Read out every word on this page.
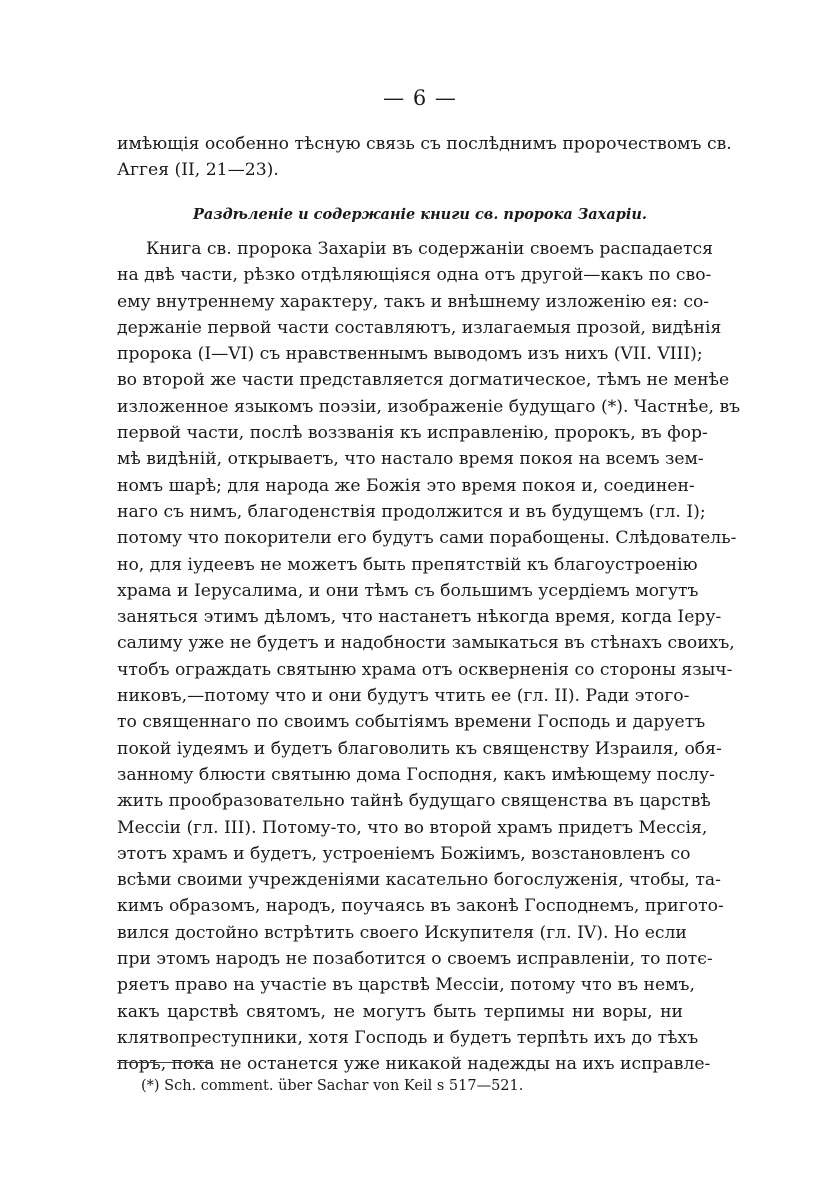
— 6 —
имѣющія особенно тѣсную связь съ послѣднимъ пророчествомъ св.
Аггея (II, 21—23).
Раздѣленіе и содержаніе книги св. пророка Захаріи.
Книга св. пророка Захаріи въ содержаніи своемъ распадается
на двѣ части, рѣзко отдѣляющіяся одна отъ другой—какъ по сво-
ему внутреннему характеру, такъ и внѣшнему изложенію ея: со-
держаніе первой части составляютъ, излагаемыя прозой, видѣнія
пророка (I—VI) съ нравственнымъ выводомъ изъ нихъ (VII. VIII);
во второй же части представляется догматическое, тѣмъ не менѣе
изложенное языкомъ поэзіи, изображеніе будущаго (*). Частнѣе, въ
первой части, послѣ воззванія къ исправленію, пророкъ, въ фор-
мѣ видѣній, открываетъ, что настало время покоя на всемъ зем-
номъ шарѣ; для народа же Божія это время покоя и, соединен-
наго съ нимъ, благоденствія продолжится и въ будущемъ (гл. I);
потому что покорители его будутъ сами порабощены. Слѣдователь-
но, для іудеевъ не можетъ быть препятствій къ благоустроенію
храма и Іерусалима, и они тѣмъ съ большимъ усердіемъ могутъ
заняться этимъ дѣломъ, что настанетъ нѣкогда время, когда Іеру-
салиму уже не будетъ и надобности замыкаться въ стѣнахъ своихъ,
чтобъ ограждать святыню храма отъ оскверненія со стороны языч-
никовъ,—потому что и они будутъ чтить ее (гл. II). Ради этого-
то священнаго по своимъ событіямъ времени Господь и даруетъ
покой іудеямъ и будетъ благоволить къ священству Израиля, обя-
занному блюсти святыню дома Господня, какъ имѣющему послу-
жить прообразовательно тайнѣ будущаго священства въ царствѣ
Мессіи (гл. III). Потому-то, что во второй храмъ придетъ Мессія,
этотъ храмъ и будетъ, устроеніемъ Божіимъ, возстановленъ со
всѣми своими учрежденіями касательно богослуженія, чтобы, та-
кимъ образомъ, народъ, поучаясь въ законѣ Господнемъ, пригото-
вился достойно встрѣтить своего Искупителя (гл. IV). Но если
при этомъ народъ не позаботится о своемъ исправленіи, то потє-
ряетъ право на участіе въ царствѣ Мессіи, потому что въ немъ,
какъ царствѣ святомъ, не могутъ быть терпимы ни воры, ни
клятвопреступники, хотя Господь и будетъ терпѣть ихъ до тѣхъ
поръ, пока не останется уже никакой надежды на ихъ исправле-
(*) Sch. comment. über Sachar von Keil s 517—521.
